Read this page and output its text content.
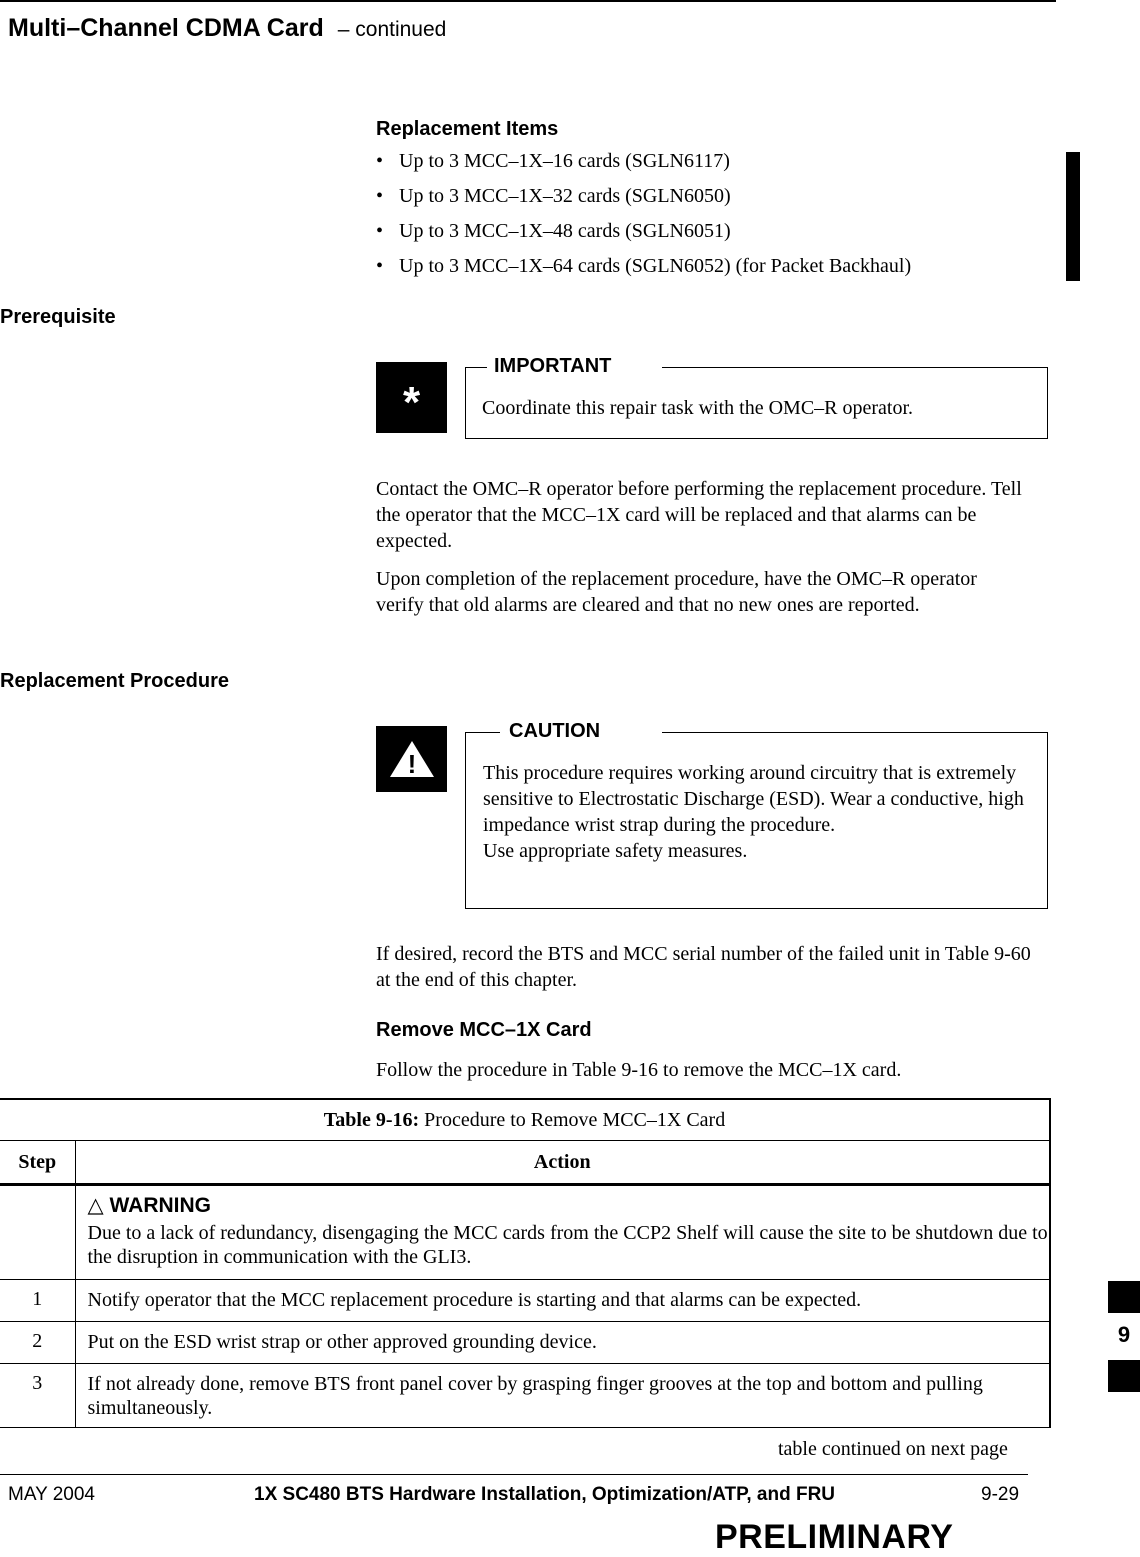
Multi–Channel CDMA Card – continued
Replacement Items
• Up to 3 MCC–1X–16 cards (SGLN6117)
• Up to 3 MCC–1X–32 cards (SGLN6050)
• Up to 3 MCC–1X–48 cards (SGLN6051)
• Up to 3 MCC–1X–64 cards (SGLN6052) (for Packet Backhaul)
Prerequisite
*
IMPORTANT
Coordinate this repair task with the OMC–R operator.
Contact the OMC–R operator before performing the replacement procedure. Tell the operator that the MCC–1X card will be replaced and that alarms can be expected.
Upon completion of the replacement procedure, have the OMC–R operator verify that old alarms are cleared and that no new ones are reported.
Replacement Procedure
!
CAUTION
This procedure requires working around circuitry that is extremely sensitive to Electrostatic Discharge (ESD). Wear a conductive, high impedance wrist strap during the procedure.
Use appropriate safety measures.
If desired, record the BTS and MCC serial number of the failed unit in Table 9-60 at the end of this chapter.
Remove MCC–1X Card
Follow the procedure in Table 9-16 to remove the MCC–1X card.
Table 9-16: Procedure to Remove MCC–1X Card	
Step	Action

	△ WARNING
Due to a lack of redundancy, disengaging the MCC cards from the CCP2 Shelf will cause the site to be shutdown due to the disruption in communication with the GLI3.

1	Notify operator that the MCC replacement procedure is starting and that alarms can be expected.
2	Put on the ESD wrist strap or other approved grounding device.
3	If not already done, remove BTS front panel cover by grasping finger grooves at the top and bottom and pulling simultaneously.
table continued on next page
9
MAY 2004	1X SC480 BTS Hardware Installation, Optimization/ATP, and FRU	9-29
PRELIMINARY
